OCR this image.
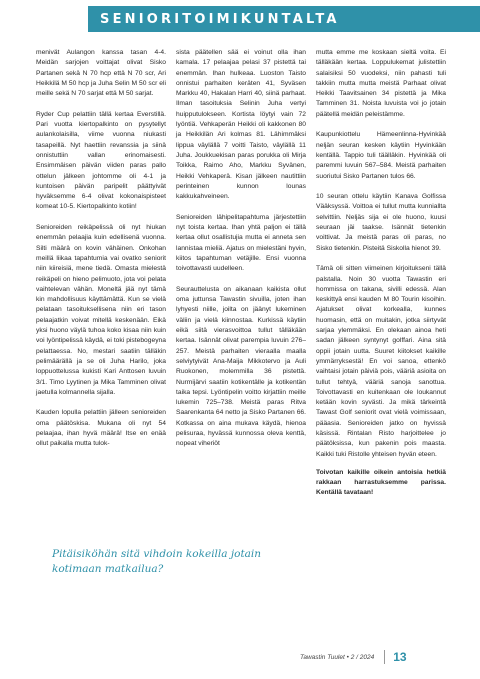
SENIORITOIMIKUNTALTA

menivät Aulangon kanssa tasan 4-4. Meidän sarjojen voittajat olivat Sisko Partanen sekä N 70 hcp että N 70 scr, Ari Heikkilä M 50 hcp ja Juha Selin M 50 scr eli meille sekä N 70 sarjat että M 50 sarjat.

Ryder Cup pelattiin tällä kertaa Everstillä. Pari vuotta kiertopalkinto on pysytellyt aulankolaisilla, viime vuonna niukasti tasapeillä. Nyt haettiin revanssia ja siinä onnistuttiin vallan erinomaisesti. Ensimmäisen päivän viiden paras pallo ottelun jälkeen johtomme oli 4-1 ja kuntoisen päivän paripelit päättyivät hyväksemme 6-4 olivat kokonaispisteet komeat 10-5. Kiertopalkinto kotiin!

Senioreiden reikäpelissä oli nyt hiukan enemmän pelaajia kuin edellisenä vuonna. Silti määrä on kovin vähäinen. Onkohan meillä liikaa tapahtumia vai ovatko seniorit niin kiireisiä, mene tiedä. Omasta mielestä reikäpeli on hieno pelimuoto, jota voi pelata vaihtelevan vähän. Moneltä jää nyt tämä kin mahdollisuus käyttämättä. Kun se vielä pelataan tasoituksellisena niin eri tason pelaajatkin voivat mitellä keskenään. Eikä yksi huono väylä tuhoa koko kisaa niin kuin voi lyöntipelissä käydä, ei toki pistebogeyna pelattaessa. No, mestari saatiin tälläkin pelimäärällä ja se oli Juha Harilo, joka loppuottelussa kukisti Kari Anttosen luvuin 3/1. Timo Lyytinen ja Mika Tamminen olivat jaetulla kolmannella sijalla.

Kauden lopulla pelattiin jälleen senioreiden oma päätöskisa. Mukana oli nyt 54 pelaajaa, ihan hyvä määrä! Itse en enää ollut paikalla mutta tulok-

sista päätellen sää ei voinut olla ihan kamala. 17 pelaajaa pelasi 37 pistettä tai enemmän. Ihan hulkeaa. Luoston Taisto onnistui parhaiten keräten 41, Syväsen Markku 40, Hakalan Harri 40, siinä parhaat. Ilman tasoituksia Selinin Juha vertyi huipputulokseen. Kortista löytyi vain 72 lyöntiä. Vehkaperän Heikki oli kakkonen 80 ja Heikkilän Ari kolmas 81. Lähimmäksi lippua väylällä 7 voitti Taisto, väylällä 11 Juha. Joukkuekisan paras porukka oli Mirja Toikka, Raimo Aho, Markku Syvänen, Heikki Vehkaperä. Kisan jälkeen nautittiin perinteinen kunnon lounas kakkukahveineen.

Senioreiden lähipelitapahtuma järjestettiin nyt toista kertaa. Ihan yhtä paljon ei tällä kertaa ollut osallistujia mutta ei anneta sen lannistaa mieliä. Ajatus on mielestäni hyvin, kiitos tapahtuman vetäjille. Ensi vuonna toivottavasti uudelleen.

Seurauttelusta on aikanaan kaikista ollut oma juttunsa Tawastin sivuilla, joten ihan lyhyesti niille, joilta on jäänyt lukeminen väliin ja vielä kiinnostaa. Kurkissä käytiin eikä siitä vierasvoittoa tullut tälläkään kertaa. Isännät olivat parempia luvuin 276–257. Meistä parhaiten vieraalla maalla selviytyivät Ana-Maija Mikkotervo ja Auli Ruokonen, molemmilla 36 pistettä. Nurmijärvi saatiin kotikentälle ja kotikentän taika tepsi. Lyöntipelin voitto kirjattiin meille lukemin 725–738. Meistä paras Ritva Saarenkanta 64 netto ja Sisko Partanen 66. Kotkassa on aina mukava käydä, hienoa pelisuraa, hyvässä kunnossa oleva kenttä, nopeat viheriöt

mutta emme me koskaan sieltä voita. Ei tälläkään kertaa. Loppulukemat julistettiin salaisiksi 50 vuodeksi, niin pahasti tuli takkiin mutta mutta meistä Parhaat olivat Heikki Taavitsainen 34 pistettä ja Mika Tamminen 31. Noista luvuista voi jo jotain päätellä meidän peleistämme.

Kaupunkiottelu Hämeenlinna-Hyvinkää neljän seuran kesken käytiin Hyvinkään kentällä. Tappio tuli täälläkin. Hyvinkää oli paremmi luvuin 567–584. Meistä parhaiten suoriutui Sisko Partanen tulos 66.

10 seuran ottelu käytiin Kanava Golfissa Vääksyssä. Voittoa ei tullut mutta kunniallta selvittiin. Neljäs sija ei ole huono, kuusi seuraan jäi taakse. Isännät tietenkin voittivat. Ja meistä paras oli paras, no Sisko tietenkin. Pisteitä Siskolla hienot 39.

Tämä oli sitten viimeinen kirjoitukseni tällä palstalla. Noin 30 vuotta Tawastin eri hommissa on takana, sivilli edessä. Alan keskittyä ensi kauden M 80 Tourin kisoihin. Ajatukset olivat korkealla, kunnes huomasin, että on muitakin, jotka siirtyvät sarjaa ylemmäksi. En olekaan ainoa heti sadan jälkeen syntynyt golffari. Aina sitä oppii jotain uutta. Suuret kiitokset kaikille ymmärryksestä! En voi sanoa, ettenkö vaihtaisi jotain päiviä pois, vääriä asioita on tullut tehtyä, vääriä sanoja sanottua. Toivottavasti en kuitenkaan ole loukannut ketään kovin syvästi. Ja mikä tärkeintä Tawast Golf seniorit ovat vielä voimissaan, pääasia. Senioreiden jatko on hyvissä käsissä. Rintalan Risto harjoittelee jo päätöksissa, kun pakenin pois maasta. Kaikki tuki Ristolle yhteisen hyvän eteen.

Toivotan kaikille oikein antoisia hetkiä rakkaan harrastuksemme parissa. Kentällä tavataan!

Pitäisiköhän sitä vihdoin kokeilla jotain kotimaan matkailua?
Tawastin Tuulet • 2 / 2024 13
